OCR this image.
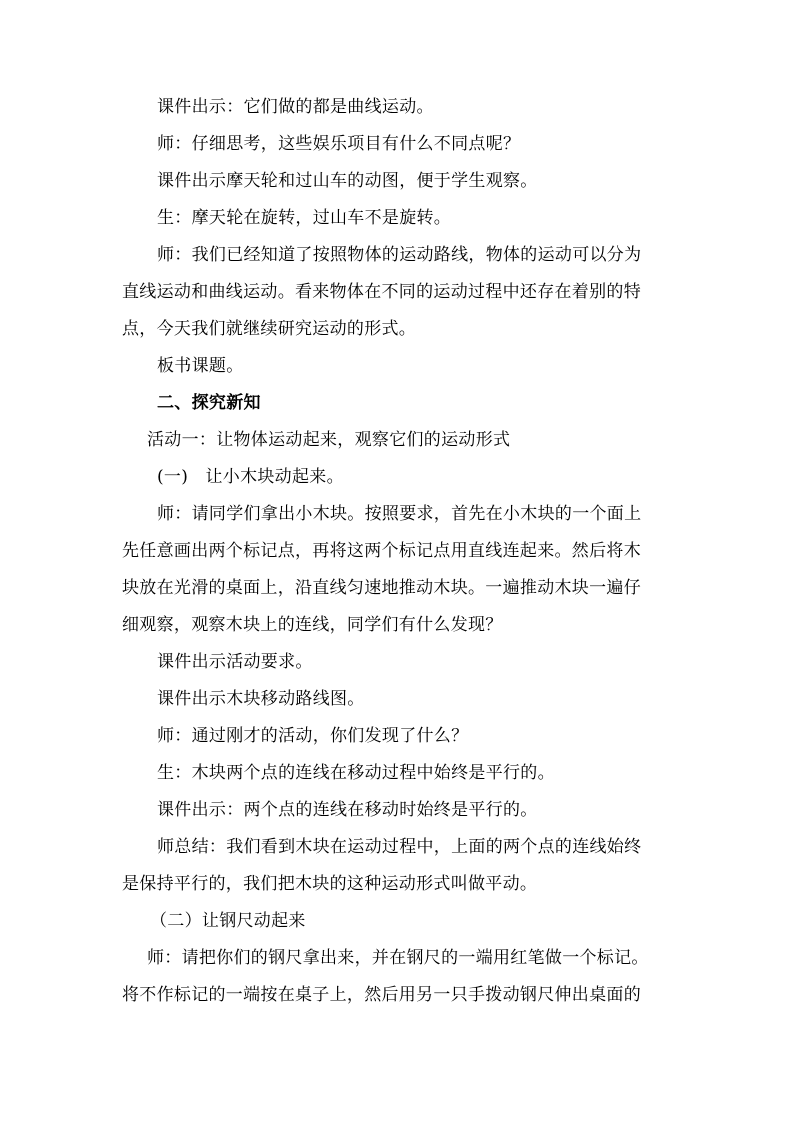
课件出示：它们做的都是曲线运动。
师：仔细思考，这些娱乐项目有什么不同点呢？
课件出示摩天轮和过山车的动图，便于学生观察。
生：摩天轮在旋转，过山车不是旋转。
师：我们已经知道了按照物体的运动路线，物体的运动可以分为
直线运动和曲线运动。看来物体在不同的运动过程中还存在着别的特
点，今天我们就继续研究运动的形式。
板书课题。
二、探究新知
活动一：让物体运动起来，观察它们的运动形式
(一)　让小木块动起来。
师：请同学们拿出小木块。按照要求，首先在小木块的一个面上
先任意画出两个标记点，再将这两个标记点用直线连起来。然后将木
块放在光滑的桌面上，沿直线匀速地推动木块。一遍推动木块一遍仔
细观察，观察木块上的连线，同学们有什么发现？
课件出示活动要求。
课件出示木块移动路线图。
师：通过刚才的活动，你们发现了什么？
生：木块两个点的连线在移动过程中始终是平行的。
课件出示：两个点的连线在移动时始终是平行的。
师总结：我们看到木块在运动过程中，上面的两个点的连线始终
是保持平行的，我们把木块的这种运动形式叫做平动。
（二）让钢尺动起来
师：请把你们的钢尺拿出来，并在钢尺的一端用红笔做一个标记。
将不作标记的一端按在桌子上，然后用另一只手拨动钢尺伸出桌面的
